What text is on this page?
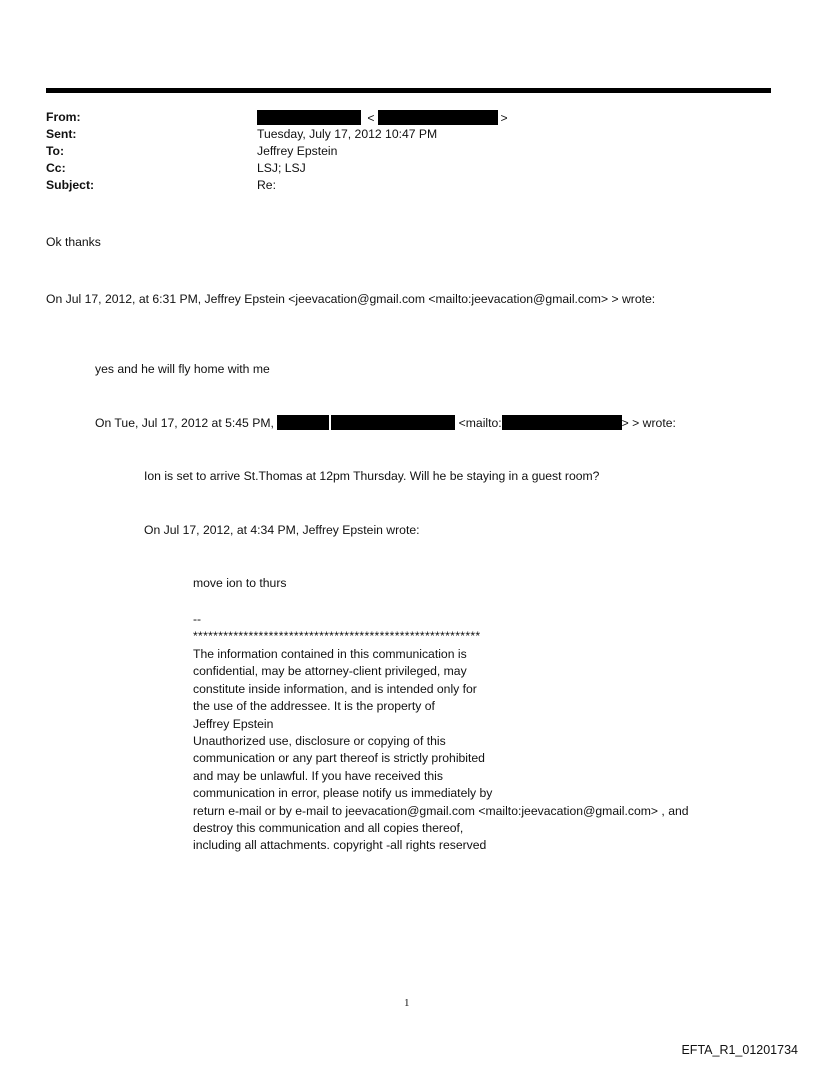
From:	<	>
Sent:	Tuesday, July 17, 2012 10:47 PM
To:	Jeffrey Epstein
Cc:	LSJ; LSJ
Subject:	Re:
Ok thanks
On Jul 17, 2012, at 6:31 PM, Jeffrey Epstein <jeevacation@gmail.com <mailto:jeevacation@gmail.com> > wrote:
yes and he will fly home with me
On Tue, Jul 17, 2012 at 5:45 PM,	<mailto:	> > wrote:
Ion is set to arrive St.Thomas at 12pm Thursday. Will he be staying in a guest room?
On Jul 17, 2012, at 4:34 PM, Jeffrey Epstein wrote:
move ion to thurs
--
*********************************************************
The information contained in this communication is
confidential, may be attorney-client privileged, may
constitute inside information, and is intended only for
the use of the addressee. It is the property of
Jeffrey Epstein
Unauthorized use, disclosure or copying of this
communication or any part thereof is strictly prohibited
and may be unlawful. If you have received this
communication in error, please notify us immediately by
return e-mail or by e-mail to jeevacation@gmail.com <mailto:jeevacation@gmail.com> , and
destroy this communication and all copies thereof,
including all attachments. copyright -all rights reserved
1
EFTA_R1_01201734
